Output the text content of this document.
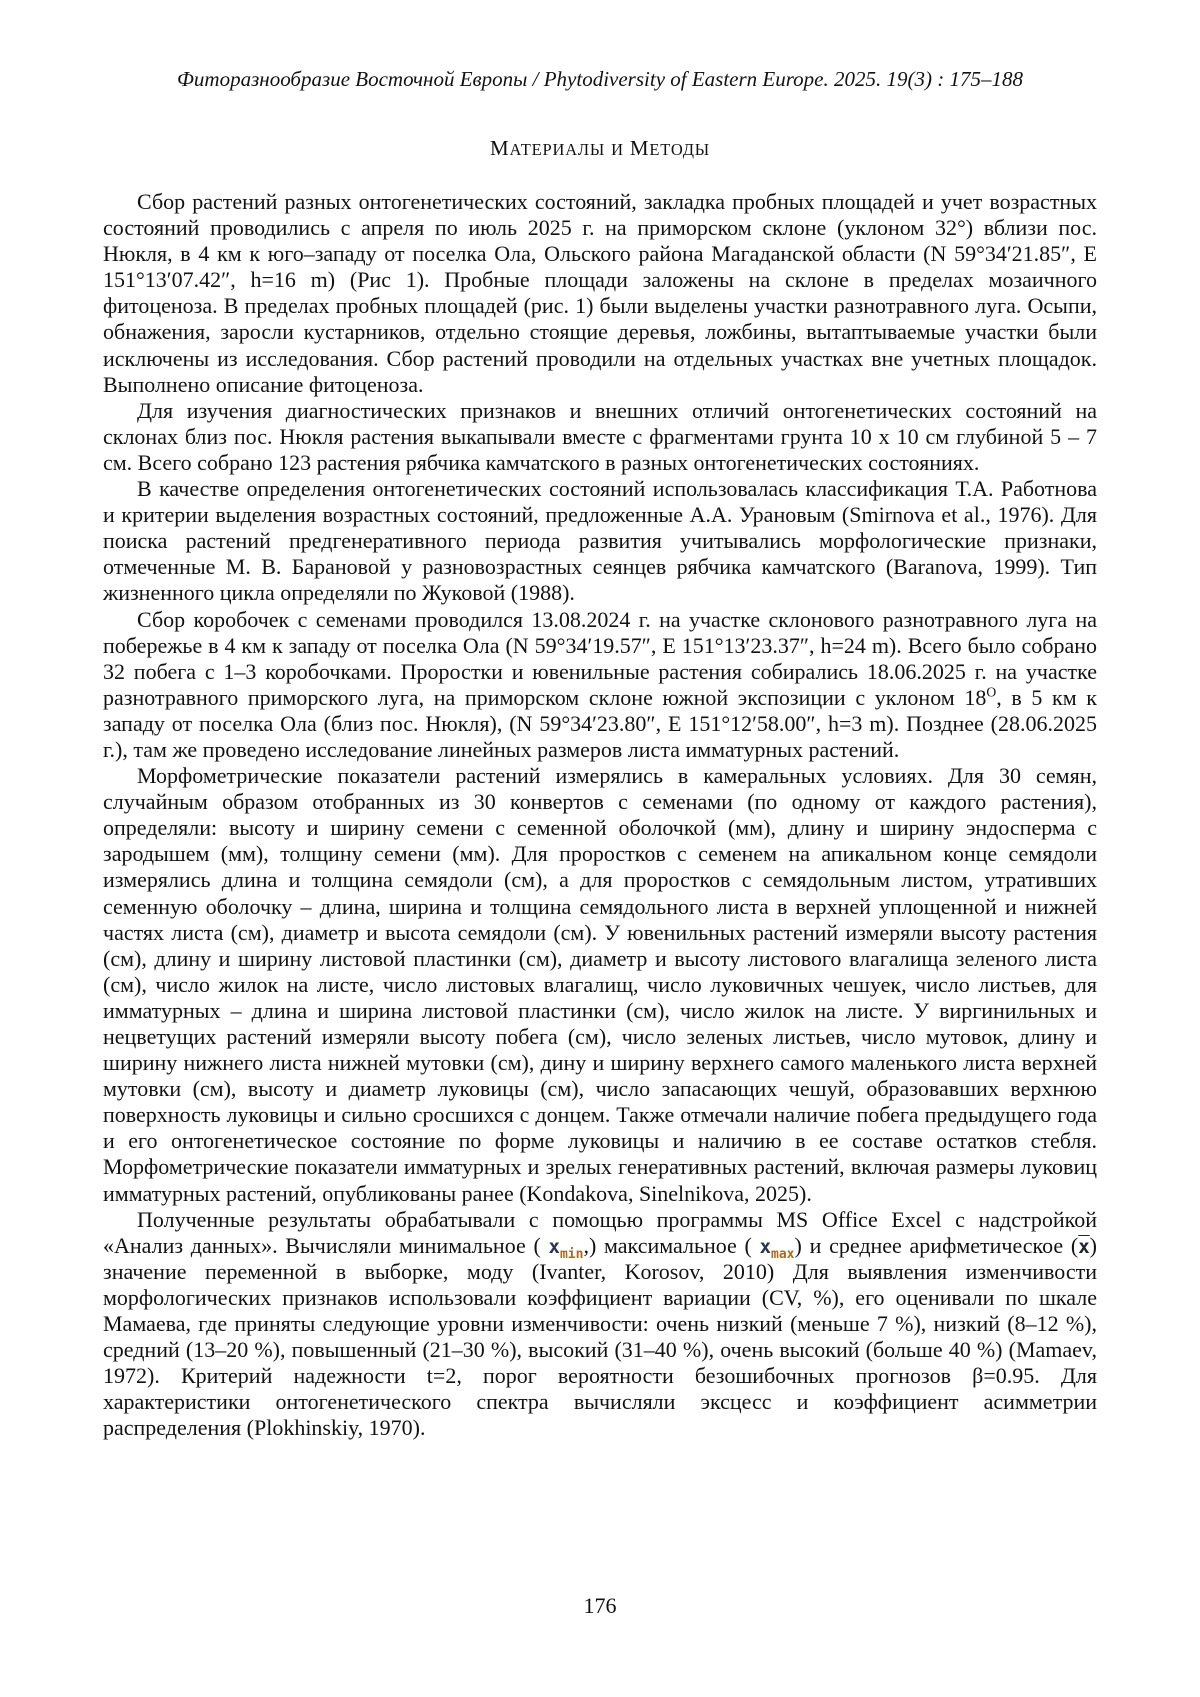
Фиторазнообразие Восточной Европы / Phytodiversity of Eastern Europe. 2025. 19(3) : 175–188
МАТЕРИАЛЫ И МЕТОДЫ

Сбор растений разных онтогенетических состояний, закладка пробных площадей и учет возрастных состояний проводились с апреля по июль 2025 г. на приморском склоне (уклоном 32°) вблизи пос. Нюкля, в 4 км к юго–западу от поселка Ола, Ольского района Магаданской области (N 59°34′21.85″, E 151°13′07.42″, h=16 m) (Рис 1). Пробные площади заложены на склоне в пределах мозаичного фитоценоза. В пределах пробных площадей (рис. 1) были выделены участки разнотравного луга. Осыпи, обнажения, заросли кустарников, отдельно стоящие деревья, ложбины, вытаптываемые участки были исключены из исследования. Сбор растений проводили на отдельных участках вне учетных площадок. Выполнено описание фитоценоза.

Для изучения диагностических признаков и внешних отличий онтогенетических состояний на склонах близ пос. Нюкля растения выкапывали вместе с фрагментами грунта 10 x 10 см глубиной 5 – 7 см. Всего собрано 123 растения рябчика камчатского в разных онтогенетических состояниях.

В качестве определения онтогенетических состояний использовалась классификация Т.А. Работнова и критерии выделения возрастных состояний, предложенные А.А. Урановым (Smirnova et al., 1976). Для поиска растений предгенеративного периода развития учитывались морфологические признаки, отмеченные М. В. Барановой у разновозрастных сеянцев рябчика камчатского (Baranova, 1999). Тип жизненного цикла определяли по Жуковой (1988).

Сбор коробочек с семенами проводился 13.08.2024 г. на участке склонового разнотравного луга на побережье в 4 км к западу от поселка Ола (N 59°34′19.57″, E 151°13′23.37″, h=24 m). Всего было собрано 32 побега с 1–3 коробочками. Проростки и ювенильные растения собирались 18.06.2025 г. на участке разнотравного приморского луга, на приморском склоне южной экспозиции с уклоном $18^О$, в 5 км к западу от поселка Ола (близ пос. Нюкля), (N 59°34′23.80″, E 151°12′58.00″, h=3 m). Позднее (28.06.2025 г.), там же проведено исследование линейных размеров листа имматурных растений.

Морфометрические показатели растений измерялись в камеральных условиях. Для 30 семян, случайным образом отобранных из 30 конвертов с семенами (по одному от каждого растения), определяли: высоту и ширину семени с семенной оболочкой (мм), длину и ширину эндосперма с зародышем (мм), толщину семени (мм). Для проростков с семенем на апикальном конце семядоли измерялись длина и толщина семядоли (см), а для проростков с семядольным листом, утративших семенную оболочку – длина, ширина и толщина семядольного листа в верхней уплощенной и нижней частях листа (см), диаметр и высота семядоли (см). У ювенильных растений измеряли высоту растения (см), длину и ширину листовой пластинки (см), диаметр и высоту листового влагалища зеленого листа (см), число жилок на листе, число листовых влагалищ, число луковичных чешуек, число листьев, для имматурных – длина и ширина листовой пластинки (см), число жилок на листе. У виргинильных и нецветущих растений измеряли высоту побега (см), число зеленых листьев, число мутовок, длину и ширину нижнего листа нижней мутовки (см), дину и ширину верхнего самого маленького листа верхней мутовки (см), высоту и диаметр луковицы (см), число запасающих чешуй, образовавших верхнюю поверхность луковицы и сильно сросшихся с донцем. Также отмечали наличие побега предыдущего года и его онтогенетическое состояние по форме луковицы и наличию в ее составе остатков стебля. Морфометрические показатели имматурных и зрелых генеративных растений, включая размеры луковиц имматурных растений, опубликованы ранее (Kondakova, Sinelnikova, 2025).

Полученные результаты обрабатывали с помощью программы MS Office Excel с надстройкой «Анализ данных». Вычисляли минимальное ( $x_{min}$,) максимальное ( $x_{max}$) и среднее арифметическое $(\overline{x})$ значение переменной в выборке, моду (Ivanter, Korosov, 2010) Для выявления изменчивости морфологических признаков использовали коэффициент вариации (CV, %), его оценивали по шкале Мамаева, где приняты следующие уровни изменчивости: очень низкий (меньше 7 %), низкий (8–12 %), средний (13–20 %), повышенный (21–30 %), высокий (31–40 %), очень высокий (больше 40 %) (Mamaev, 1972). Критерий надежности t=2, порог вероятности безошибочных прогнозов β=0.95. Для характеристики онтогенетического спектра вычисляли эксцесс и коэффициент асимметрии распределения (Plokhinskiy, 1970).

176
